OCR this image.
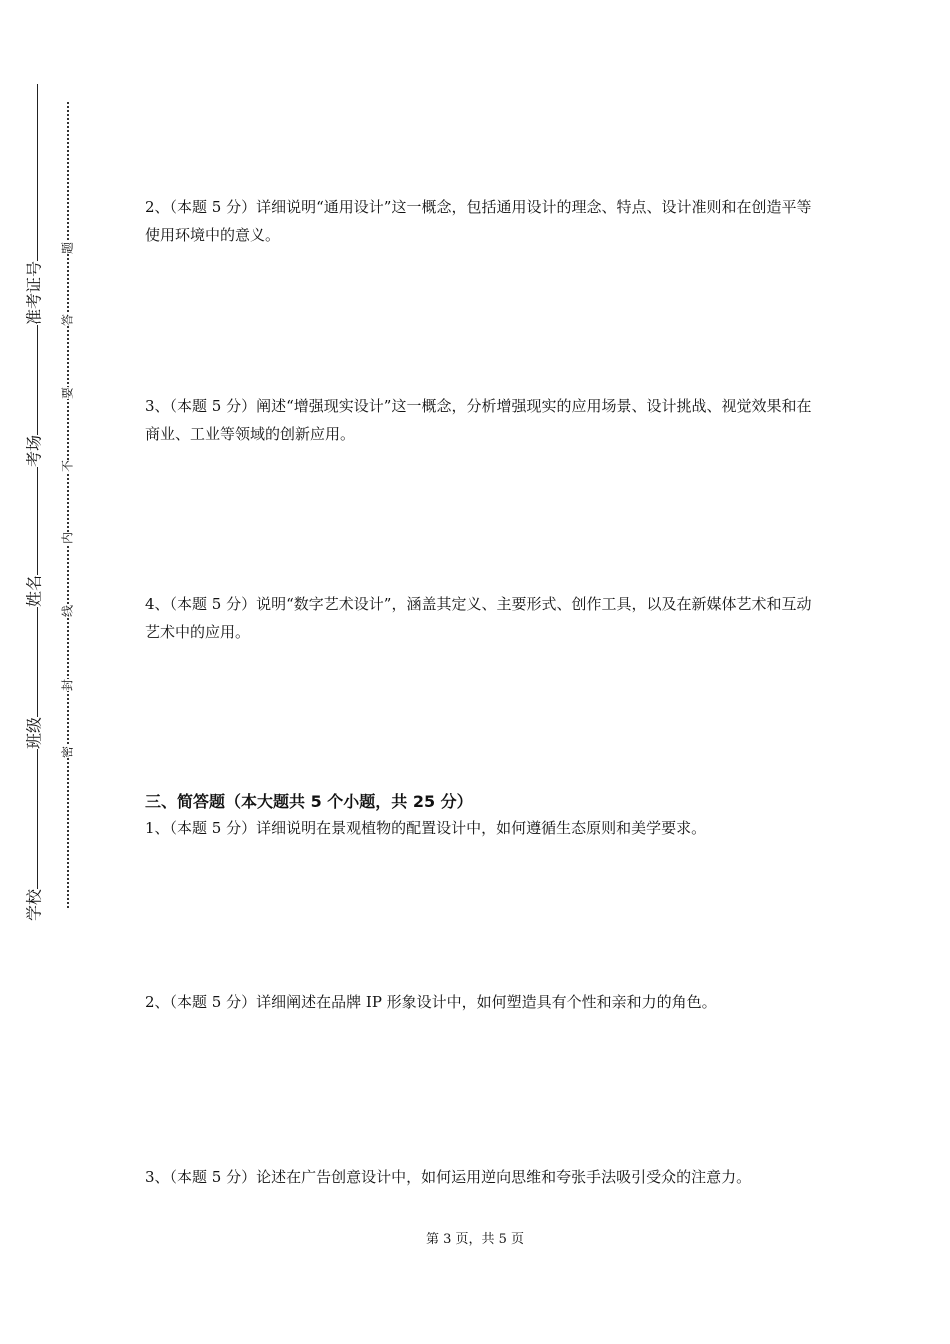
学校
班级
姓名
考场
准考证号
密
封
线
内
不
要
答
题
2、（本题 5 分）详细说明“通用设计”这一概念，包括通用设计的理念、特点、设计准则和在创造平等使用环境中的意义。
3、（本题 5 分）阐述“增强现实设计”这一概念，分析增强现实的应用场景、设计挑战、视觉效果和在商业、工业等领域的创新应用。
4、（本题 5 分）说明“数字艺术设计”，涵盖其定义、主要形式、创作工具，以及在新媒体艺术和互动艺术中的应用。
三、简答题（本大题共 5 个小题，共 25 分）
1、（本题 5 分）详细说明在景观植物的配置设计中，如何遵循生态原则和美学要求。
2、（本题 5 分）详细阐述在品牌 IP 形象设计中，如何塑造具有个性和亲和力的角色。
3、（本题 5 分）论述在广告创意设计中，如何运用逆向思维和夸张手法吸引受众的注意力。
第 3 页，共 5 页
